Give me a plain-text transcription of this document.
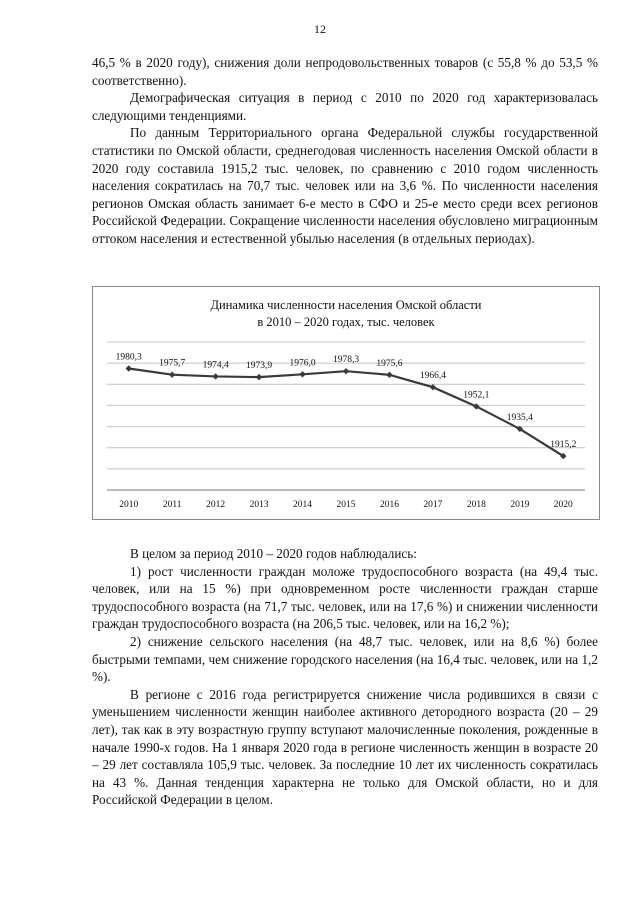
12

46,5 % в 2020 году), снижения доли непродовольственных товаров (с 55,8 % до 53,5 % соответственно).

Демографическая ситуация в период с 2010 по 2020 год характеризовалась следующими тенденциями.

По данным Территориального органа Федеральной службы государственной статистики по Омской области, среднегодовая численность населения Омской области в 2020 году составила 1915,2 тыс. человек, по сравнению с 2010 годом численность населения сократилась на 70,7 тыс. человек или на 3,6 %. По численности населения регионов Омская область занимает 6-е место в СФО и 25-е место среди всех регионов Российской Федерации. Сокращение численности населения обусловлено миграционным оттоком населения и естественной убылью населения (в отдельных периодах).

Динамика численности населения Омской области
в 2010 – 2020 годах, тыс. человек
2010	2011	2012	2013	2014	2015	2016	2017	2018	2019	2020
1980,3
1975,7 1974,4 1973,9 1976,0 1978,3 1975,6
1966,4
1952,1
1935,4
1915,2

В целом за период 2010 – 2020 годов наблюдались:

1) рост численности граждан моложе трудоспособного возраста (на 49,4 тыс. человек, или на 15 %) при одновременном росте численности граждан старше трудоспособного возраста (на 71,7 тыс. человек, или на 17,6 %) и снижении численности граждан трудоспособного возраста (на 206,5 тыс. человек, или на 16,2 %);

2) снижение сельского населения (на 48,7 тыс. человек, или на 8,6 %) более быстрыми темпами, чем снижение городского населения (на 16,4 тыс. человек, или на 1,2 %).

В регионе с 2016 года регистрируется снижение числа родившихся в связи с уменьшением численности женщин наиболее активного детородного возраста (20 – 29 лет), так как в эту возрастную группу вступают малочисленные поколения, рожденные в начале 1990-х годов. На 1 января 2020 года в регионе численность женщин в возрасте 20 – 29 лет составляла 105,9 тыс. человек. За последние 10 лет их численность сократилась на 43 %. Данная тенденция характерна не только для Омской области, но и для Российской Федерации в целом.
